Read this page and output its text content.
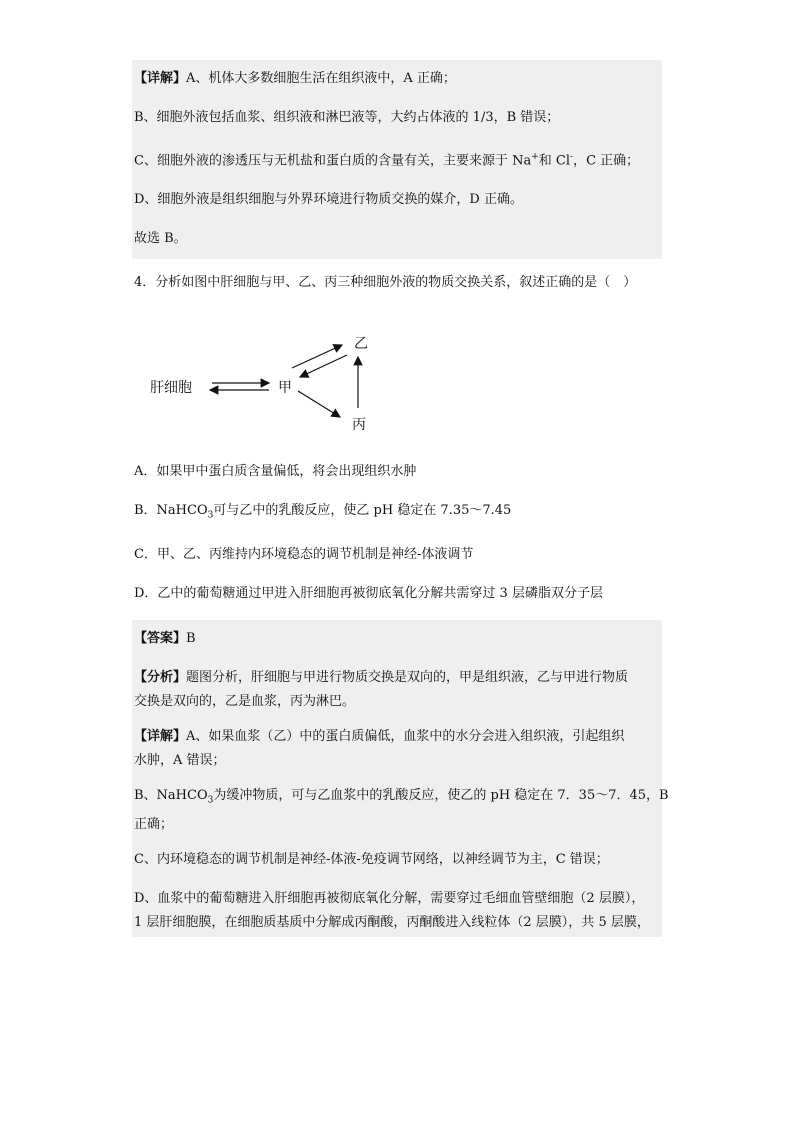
【详解】A、机体大多数细胞生活在组织液中，A 正确；
B、细胞外液包括血浆、组织液和淋巴液等，大约占体液的 1/3，B 错误；
C、细胞外液的渗透压与无机盐和蛋白质的含量有关，主要来源于 Na+和 Cl-，C 正确；
D、细胞外液是组织细胞与外界环境进行物质交换的媒介，D 正确。
故选 B。
4．分析如图中肝细胞与甲、乙、丙三种细胞外液的物质交换关系，叙述正确的是（　）
肝细胞	甲
乙
丙
A．如果甲中蛋白质含量偏低，将会出现组织水肿
B．NaHCO$_3$可与乙中的乳酸反应，使乙 pH 稳定在 7.35～7.45
C．甲、乙、丙维持内环境稳态的调节机制是神经-体液调节
D．乙中的葡萄糖通过甲进入肝细胞再被彻底氧化分解共需穿过 3 层磷脂双分子层
【答案】B
【分析】题图分析，肝细胞与甲进行物质交换是双向的，甲是组织液，乙与甲进行物质
交换是双向的，乙是血浆，丙为淋巴。
【详解】A、如果血浆（乙）中的蛋白质偏低，血浆中的水分会进入组织液，引起组织
水肿，A 错误；
B、NaHCO$_3$为缓冲物质，可与乙血浆中的乳酸反应，使乙的 pH 稳定在 7．35～7．45，B
正确；
C、内环境稳态的调节机制是神经-体液-免疫调节网络，以神经调节为主，C 错误；
D、血浆中的葡萄糖进入肝细胞再被彻底氧化分解，需要穿过毛细血管壁细胞（2 层膜），
1 层肝细胞膜，在细胞质基质中分解成丙酮酸，丙酮酸进入线粒体（2 层膜），共 5 层膜，
